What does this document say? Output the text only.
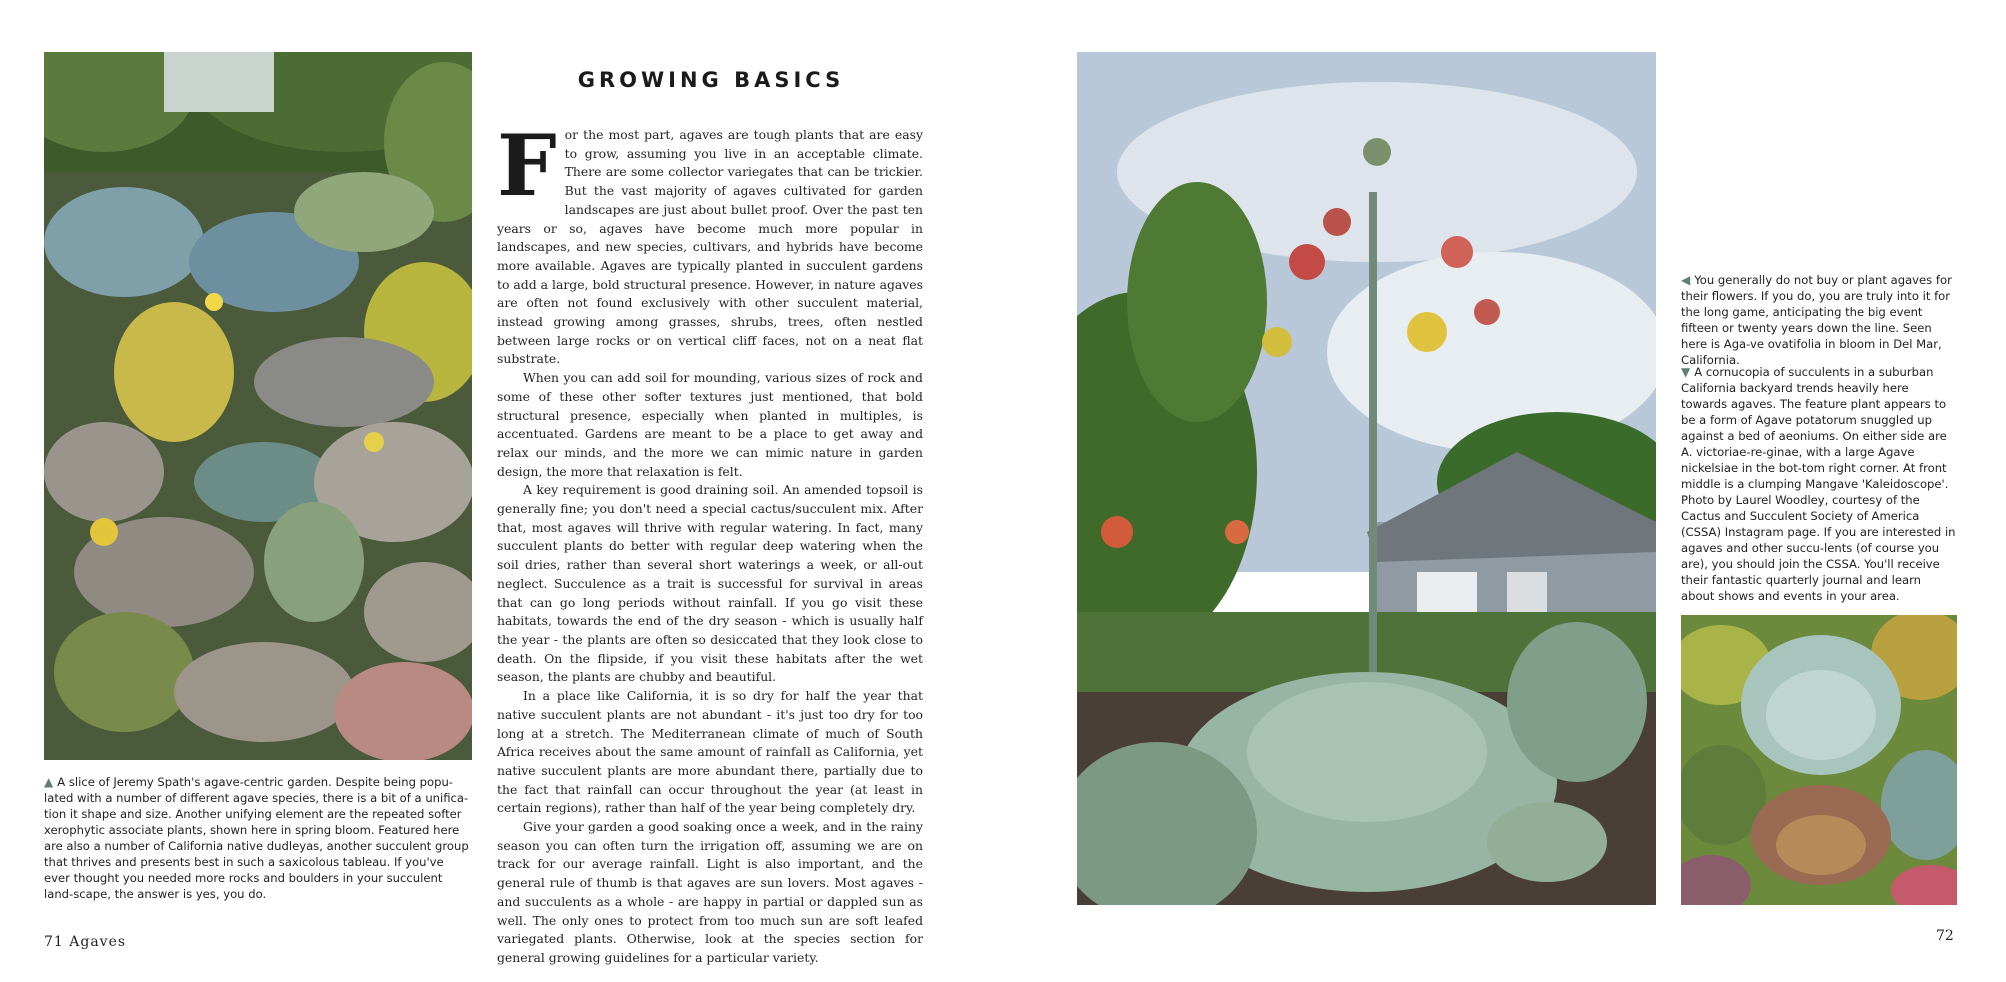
▲ A slice of Jeremy Spath's agave-centric garden. Despite being popu-lated with a number of different agave species, there is a bit of a unifica-tion it shape and size. Another unifying element are the repeated softer xerophytic associate plants, shown here in spring bloom. Featured here are also a number of California native dudleyas, another succulent group that thrives and presents best in such a saxicolous tableau. If you've ever thought you needed more rocks and boulders in your succulent land-scape, the answer is yes, you do.

GROWING BASICS

For the most part, agaves are tough plants that are easy to grow, assuming you live in an acceptable climate. There are some collector variegates that can be trickier. But the vast majority of agaves cultivated for garden landscapes are just about bullet proof. Over the past ten years or so, agaves have become much more popular in landscapes, and new species, cultivars, and hybrids have become more available. Agaves are typically planted in succulent gardens to add a large, bold structural presence. However, in nature agaves are often not found exclusively with other succulent material, instead growing among grasses, shrubs, trees, often nestled between large rocks or on vertical cliff faces, not on a neat flat substrate.

When you can add soil for mounding, various sizes of rock and some of these other softer textures just mentioned, that bold structural presence, especially when planted in multiples, is accentuated. Gardens are meant to be a place to get away and relax our minds, and the more we can mimic nature in garden design, the more that relaxation is felt.

A key requirement is good draining soil. An amended topsoil is generally fine; you don't need a special cactus/succulent mix. After that, most agaves will thrive with regular watering. In fact, many succulent plants do better with regular deep watering when the soil dries, rather than several short waterings a week, or all-out neglect. Succulence as a trait is successful for survival in areas that can go long periods without rainfall. If you go visit these habitats, towards the end of the dry season - which is usually half the year - the plants are often so desiccated that they look close to death. On the flipside, if you visit these habitats after the wet season, the plants are chubby and beautiful.

In a place like California, it is so dry for half the year that native succulent plants are not abundant - it's just too dry for too long at a stretch. The Mediterranean climate of much of South Africa receives about the same amount of rainfall as California, yet native succulent plants are more abundant there, partially due to the fact that rainfall can occur throughout the year (at least in certain regions), rather than half of the year being completely dry.

Give your garden a good soaking once a week, and in the rainy season you can often turn the irrigation off, assuming we are on track for our average rainfall. Light is also important, and the general rule of thumb is that agaves are sun lovers. Most agaves - and succulents as a whole - are happy in partial or dappled sun as well. The only ones to protect from too much sun are soft leafed variegated plants. Otherwise, look at the species section for general growing guidelines for a particular variety.

71 Agaves

◀ You generally do not buy or plant agaves for their flowers. If you do, you are truly into it for the long game, anticipating the big event fifteen or twenty years down the line. Seen here is Aga-ve ovatifolia in bloom in Del Mar, California.

▼ A cornucopia of succulents in a suburban California backyard trends heavily here towards agaves. The feature plant appears to be a form of Agave potatorum snuggled up against a bed of aeoniums. On either side are A. victoriae-re-ginae, with a large Agave nickelsiae in the bot-tom right corner. At front middle is a clumping Mangave 'Kaleidoscope'. Photo by Laurel Woodley, courtesy of the Cactus and Succulent Society of America (CSSA) Instagram page. If you are interested in agaves and other succu-lents (of course you are), you should join the CSSA. You'll receive their fantastic quarterly journal and learn about shows and events in your area.

72
